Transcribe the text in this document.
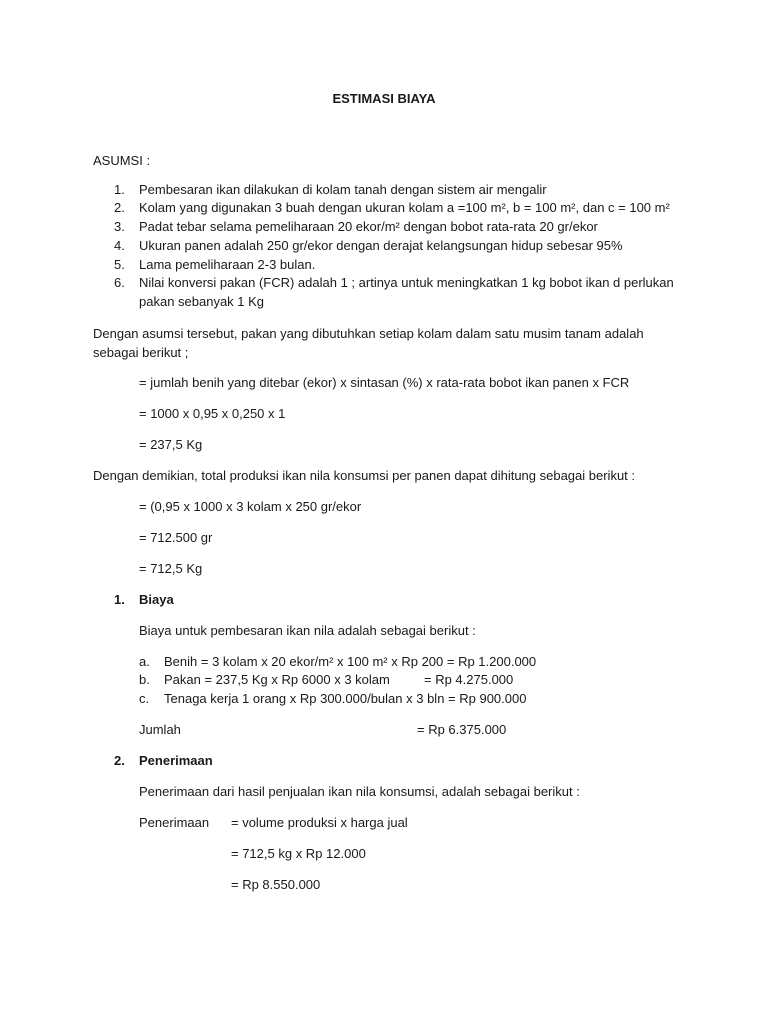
ESTIMASI BIAYA
ASUMSI :
1. Pembesaran ikan dilakukan di kolam tanah dengan sistem air mengalir
2. Kolam yang digunakan 3 buah dengan ukuran kolam a =100 m², b = 100 m², dan c = 100 m²
3. Padat tebar selama pemeliharaan 20 ekor/m² dengan bobot rata-rata 20 gr/ekor
4. Ukuran panen adalah 250 gr/ekor dengan derajat kelangsungan hidup sebesar 95%
5. Lama pemeliharaan 2-3 bulan.
6. Nilai konversi pakan (FCR) adalah 1 ; artinya untuk meningkatkan 1 kg bobot ikan d perlukan
pakan sebanyak 1 Kg
Dengan asumsi tersebut, pakan yang dibutuhkan setiap kolam dalam satu musim tanam adalah
sebagai berikut ;
= jumlah benih yang ditebar (ekor) x sintasan (%) x rata-rata bobot ikan panen x FCR
= 1000 x 0,95 x 0,250 x 1
= 237,5 Kg
Dengan demikian, total produksi ikan nila konsumsi per panen dapat dihitung sebagai berikut :
= (0,95 x 1000 x 3 kolam x 250 gr/ekor
= 712.500 gr
= 712,5 Kg
1. Biaya
Biaya untuk pembesaran ikan nila adalah sebagai berikut :
a. Benih = 3 kolam x 20 ekor/m² x 100 m² x Rp 200 = Rp 1.200.000
b. Pakan = 237,5 Kg x Rp 6000 x 3 kolam	= Rp 4.275.000
c. Tenaga kerja 1 orang x Rp 300.000/bulan x 3 bln = Rp 900.000
Jumlah	= Rp 6.375.000
2. Penerimaan
Penerimaan dari hasil penjualan ikan nila konsumsi, adalah sebagai berikut :
Penerimaan = volume produksi x harga jual
= 712,5 kg x Rp 12.000
= Rp 8.550.000
